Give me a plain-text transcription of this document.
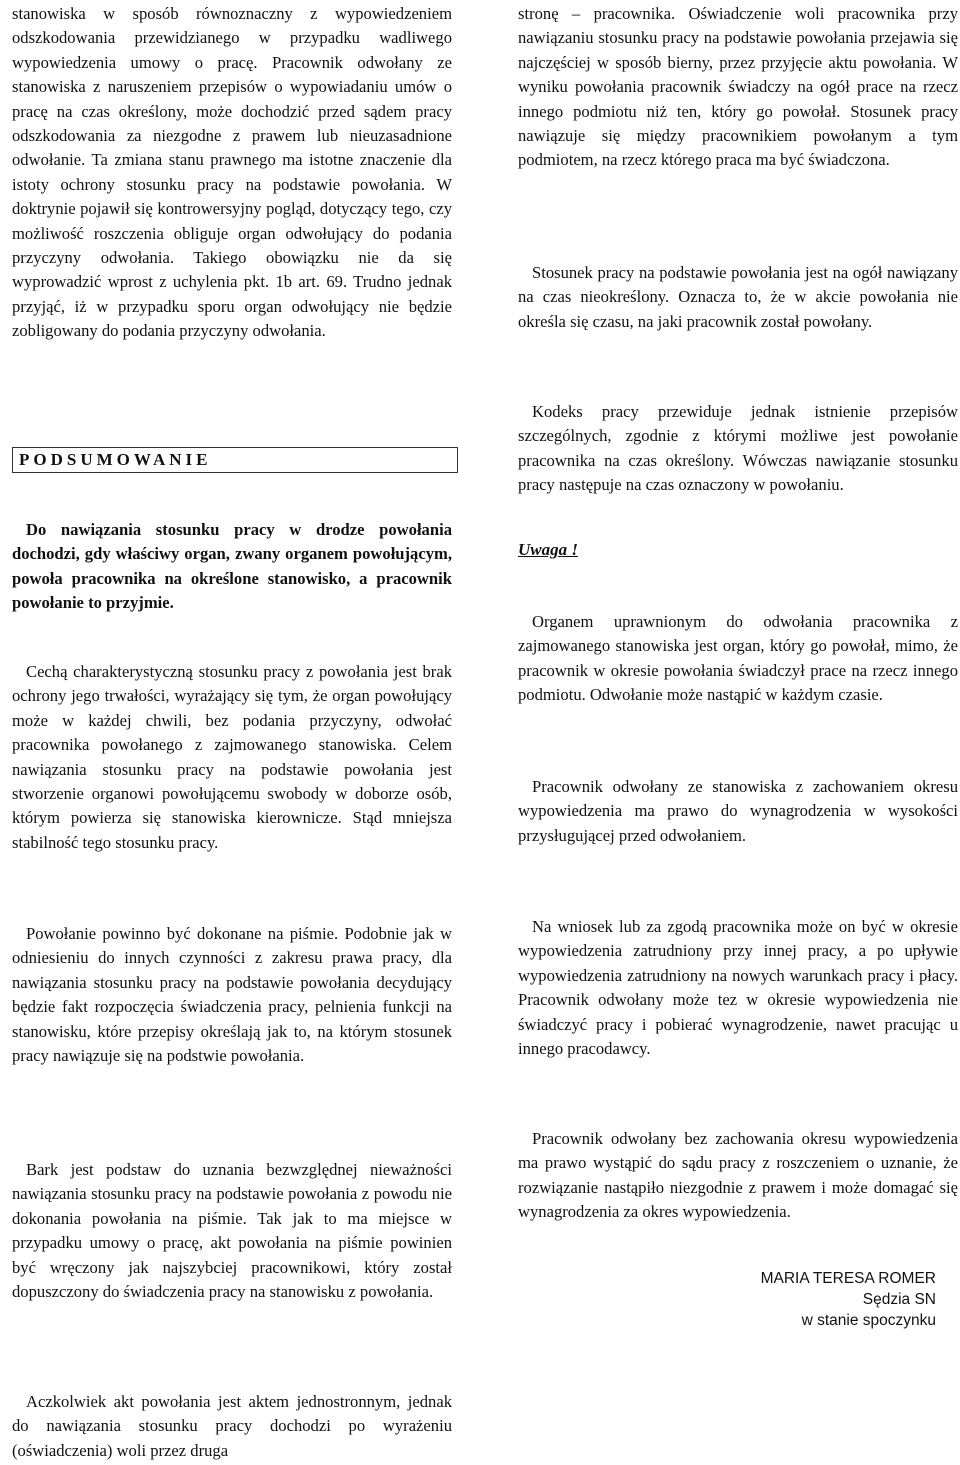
stanowiska w sposób równoznaczny z wypowiedzeniem odszkodowania przewidzianego w przypadku wadliwego wypowiedzenia umowy o pracę. Pracownik odwołany ze stanowiska z naruszeniem przepisów o wypowiadaniu umów o pracę na czas określony, może dochodzić przed sądem pracy odszkodowania za niezgodne z prawem lub nieuzasadnione odwołanie. Ta zmiana stanu prawnego ma istotne znaczenie dla istoty ochrony stosunku pracy na podstawie powołania. W doktrynie pojawił się kontrowersyjny pogląd, dotyczący tego, czy możliwość roszczenia obliguje organ odwołujący do podania przyczyny odwołania. Takiego obowiązku nie da się wyprowadzić wprost z uchylenia pkt. 1b art. 69. Trudno jednak przyjąć, iż w przypadku sporu organ odwołujący nie będzie zobligowany do podania przyczyny odwołania.

PODSUMOWANIE

Do nawiązania stosunku pracy w drodze powołania dochodzi, gdy właściwy organ, zwany organem powołującym, powoła pracownika na określone stanowisko, a pracownik powołanie to przyjmie.

Cechą charakterystyczną stosunku pracy z powołania jest brak ochrony jego trwałości, wyrażający się tym, że organ powołujący może w każdej chwili, bez podania przyczyny, odwołać pracownika powołanego z zajmowanego stanowiska. Celem nawiązania stosunku pracy na podstawie powołania jest stworzenie organowi powołującemu swobody w doborze osób, którym powierza się stanowiska kierownicze. Stąd mniejsza stabilność tego stosunku pracy.

Powołanie powinno być dokonane na piśmie. Podobnie jak w odniesieniu do innych czynności z zakresu prawa pracy, dla nawiązania stosunku pracy na podstawie powołania decydujący będzie fakt rozpoczęcia świadczenia pracy, pelnienia funkcji na stanowisku, które przepisy określają jak to, na którym stosunek pracy nawiązuje się na podstwie powołania.

Bark jest podstaw do uznania bezwzględnej nieważności nawiązania stosunku pracy na podstawie powołania z powodu nie dokonania powołania na piśmie. Tak jak to ma miejsce w przypadku umowy o pracę, akt powołania na piśmie powinien być wręczony jak najszybciej pracownikowi, który został dopuszczony do świadczenia pracy na stanowisku z powołania.

Aczkolwiek akt powołania jest aktem jednostronnym, jednak do nawiązania stosunku pracy dochodzi po wyrażeniu (oświadczenia) woli przez druga

stronę – pracownika. Oświadczenie woli pracownika przy nawiązaniu stosunku pracy na podstawie powołania przejawia się najczęściej w sposób bierny, przez przyjęcie aktu powołania. W wyniku powołania pracownik świadczy na ogół prace na rzecz innego podmiotu niż ten, który go powołał. Stosunek pracy nawiązuje się między pracownikiem powołanym a tym podmiotem, na rzecz którego praca ma być świadczona.

Stosunek pracy na podstawie powołania jest na ogół nawiązany na czas nieokreślony. Oznacza to, że w akcie powołania nie określa się czasu, na jaki pracownik został powołany.

Kodeks pracy przewiduje jednak istnienie przepisów szczególnych, zgodnie z którymi możliwe jest powołanie pracownika na czas określony. Wówczas nawiązanie stosunku pracy następuje na czas oznaczony w powołaniu.

Uwaga !

Organem uprawnionym do odwołania pracownika z zajmowanego stanowiska jest organ, który go powołał, mimo, że pracownik w okresie powołania świadczył prace na rzecz innego podmiotu. Odwołanie może nastąpić w każdym czasie.

Pracownik odwołany ze stanowiska z zachowaniem okresu wypowiedzenia ma prawo do wynagrodzenia w wysokości przysługującej przed odwołaniem.

Na wniosek lub za zgodą pracownika może on być w okresie wypowiedzenia zatrudniony przy innej pracy, a po upływie wypowiedzenia zatrudniony na nowych warunkach pracy i płacy. Pracownik odwołany może tez w okresie wypowiedzenia nie świadczyć pracy i pobierać wynagrodzenie, nawet pracując u innego pracodawcy.

Pracownik odwołany bez zachowania okresu wypowiedzenia ma prawo wystąpić do sądu pracy z roszczeniem o uznanie, że rozwiązanie nastąpiło niezgodnie z prawem i może domagać się wynagrodzenia za okres wypowiedzenia.

MARIA TERESA ROMER
Sędzia SN
w stanie spoczynku
